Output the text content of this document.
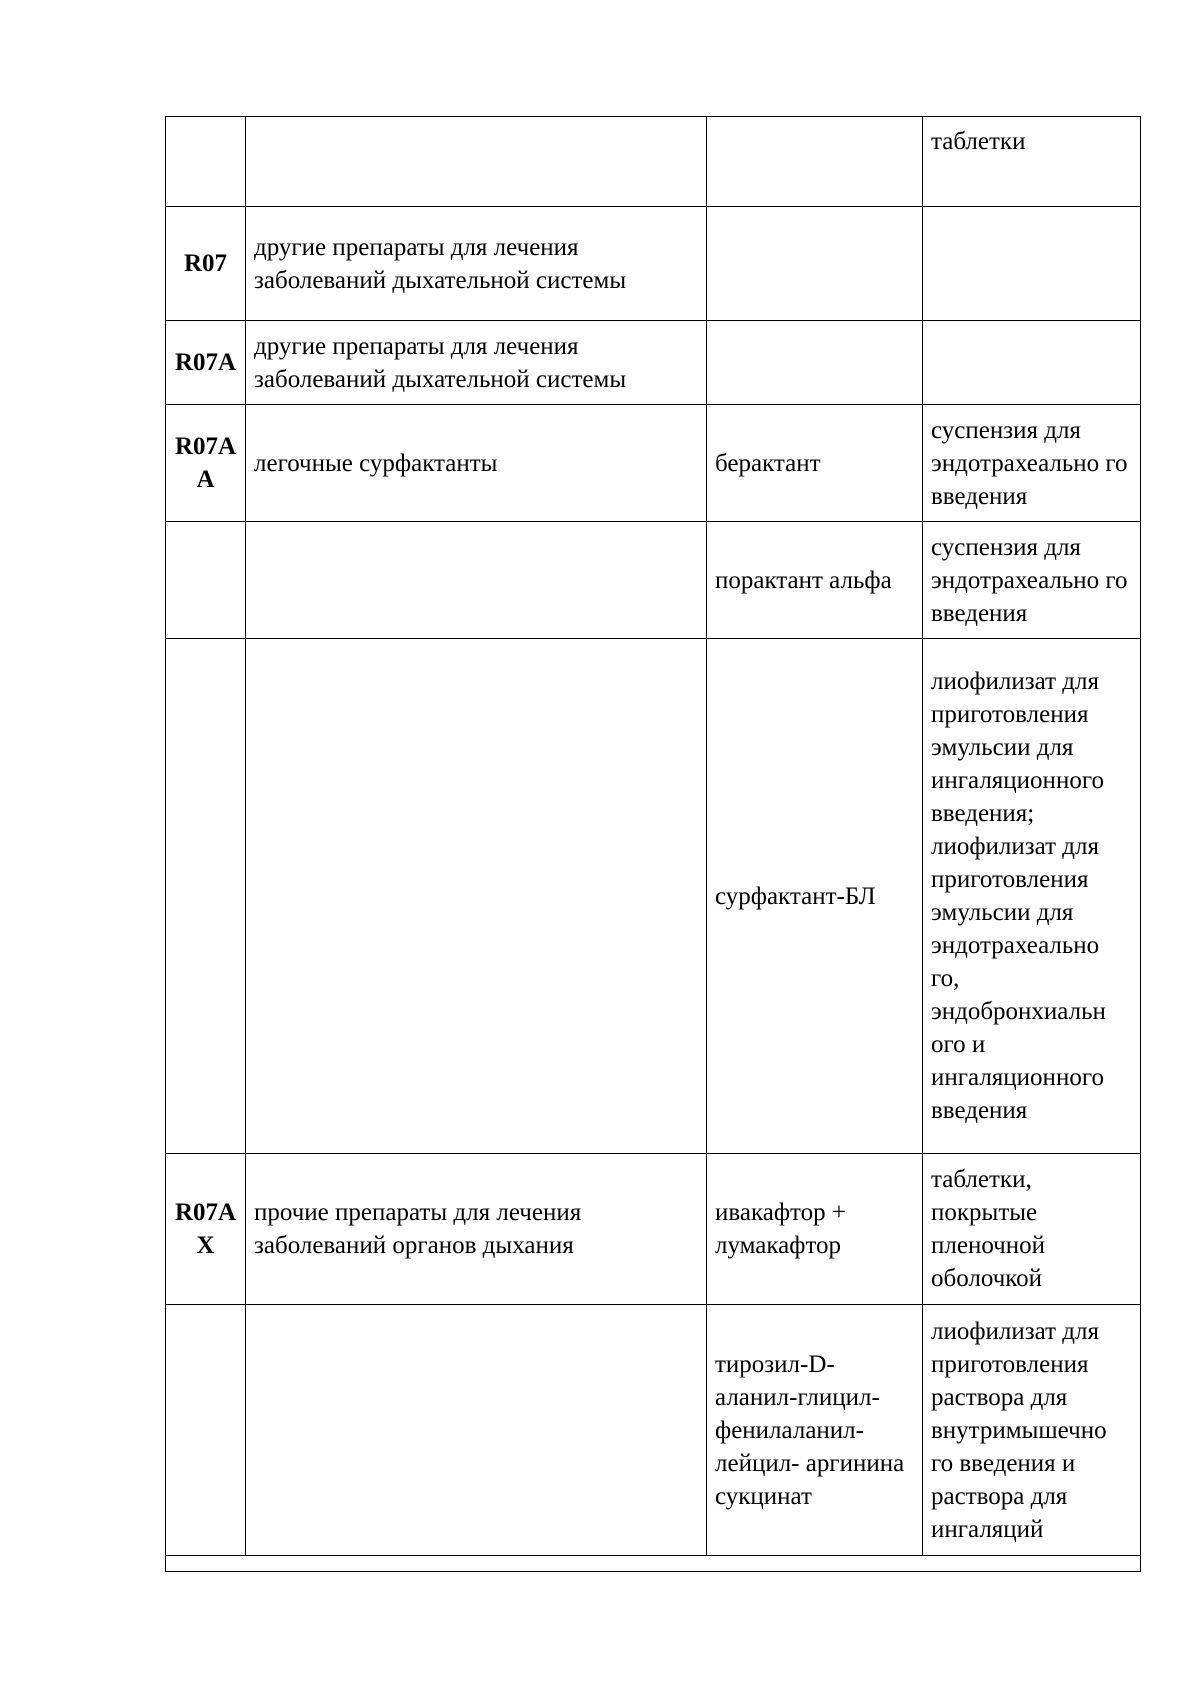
			таблетки
R07	другие препараты для лечения заболеваний дыхательной системы		
R07A	другие препараты для лечения заболеваний дыхательной системы		
R07AA	легочные сурфактанты	берактант	суспензия для эндотрахеально го введения
		порактант альфа	суспензия для эндотрахеально го введения
		сурфактант-БЛ	лиофилизат для приготовления эмульсии для ингаляционного введения; лиофилизат для приготовления эмульсии для эндотрахеально го, эндобронхиальн ого и ингаляционного введения
R07AX	прочие препараты для лечения заболеваний органов дыхания	ивакафтор + лумакафтор	таблетки, покрытые пленочной оболочкой
		тирозил-D- аланил-глицил- фенилаланил- лейцил- аргинина сукцинат	лиофилизат для приготовления раствора для внутримышечно го введения и раствора для ингаляций
